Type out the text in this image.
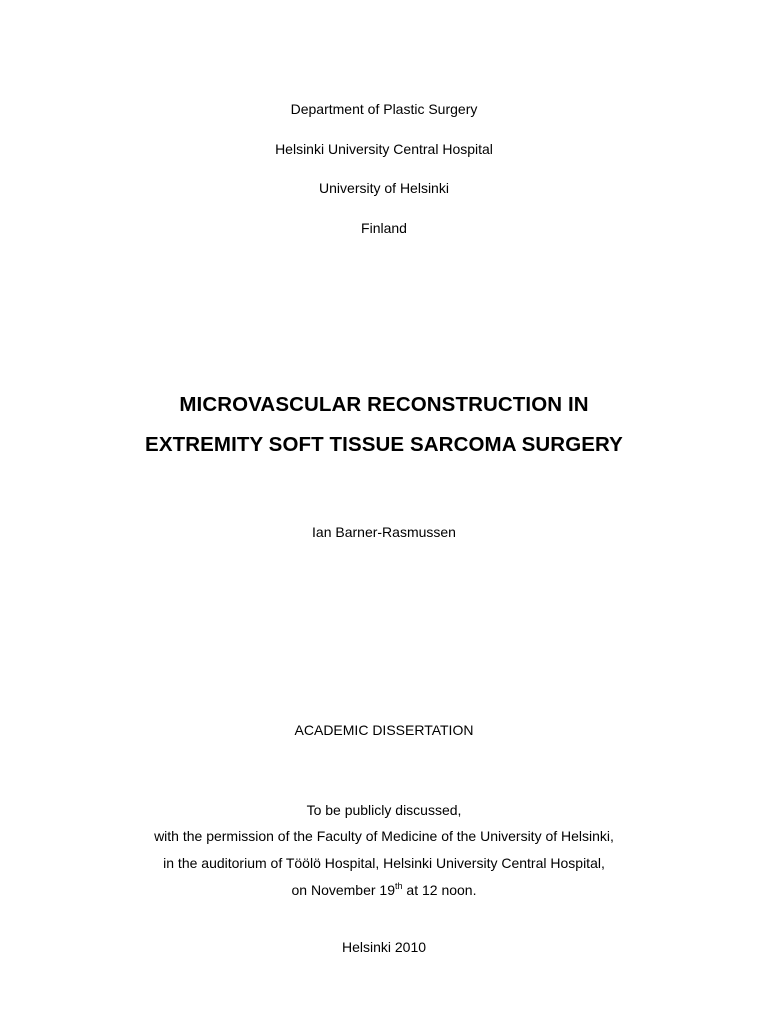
Department of Plastic Surgery

Helsinki University Central Hospital

University of Helsinki

Finland

MICROVASCULAR RECONSTRUCTION IN

EXTREMITY SOFT TISSUE SARCOMA SURGERY

Ian Barner-Rasmussen

ACADEMIC DISSERTATION

To be publicly discussed,

with the permission of the Faculty of Medicine of the University of Helsinki,

in the auditorium of Töölö Hospital, Helsinki University Central Hospital,

on November 19th at 12 noon.

Helsinki 2010
